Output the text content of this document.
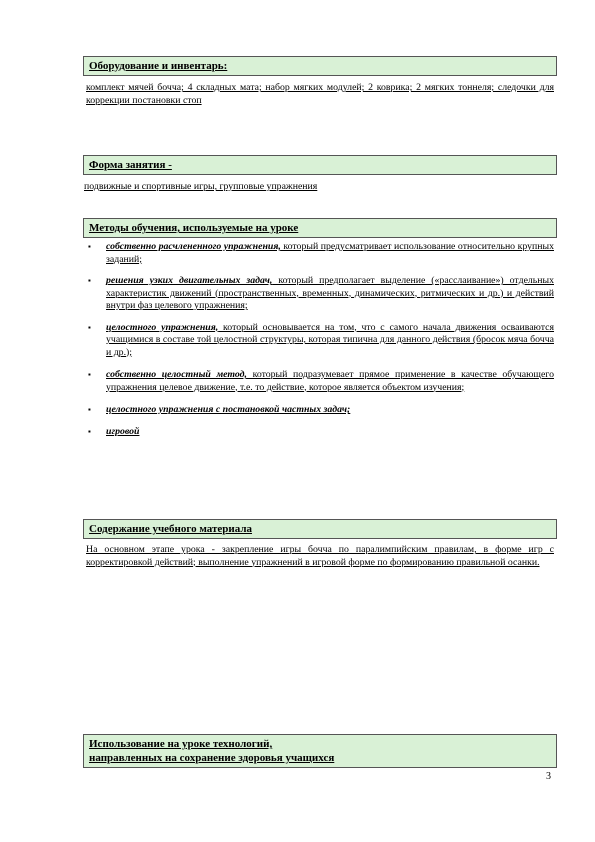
Оборудование и инвентарь:
комплект мячей бочча; 4 складных мата; набор мягких модулей; 2 коврика; 2 мягких тоннеля; следочки для коррекции постановки стоп
Форма занятия -
подвижные и спортивные игры, групповые упражнения
Методы обучения, используемые на уроке
▪ собственно расчлененного упражнения, который предусматривает использование относительно крупных заданий;
▪ решения узких двигательных задач, который предполагает выделение («расслаивание») отдельных характеристик движений (пространственных, временных, динамических, ритмических и др.) и действий внутри фаз целевого упражнения;
▪ целостного упражнения, который основывается на том, что с самого начала движения осваиваются учащимися в составе той целостной структуры, которая типична для данного действия (бросок мяча бочча и др.);
▪ собственно целостный метод, который подразумевает прямое применение в качестве обучающего упражнения целевое движение, т.е. то действие, которое является объектом изучения;
▪ целостного упражнения с постановкой частных задач;
▪ игровой
Содержание учебного материала
На основном этапе урока - закрепление игры бочча по паралимпийским правилам, в форме игр с корректировкой действий; выполнение упражнений в игровой форме по формированию правильной осанки.
Использование на уроке технологий,
направленных на сохранение здоровья учащихся
3
